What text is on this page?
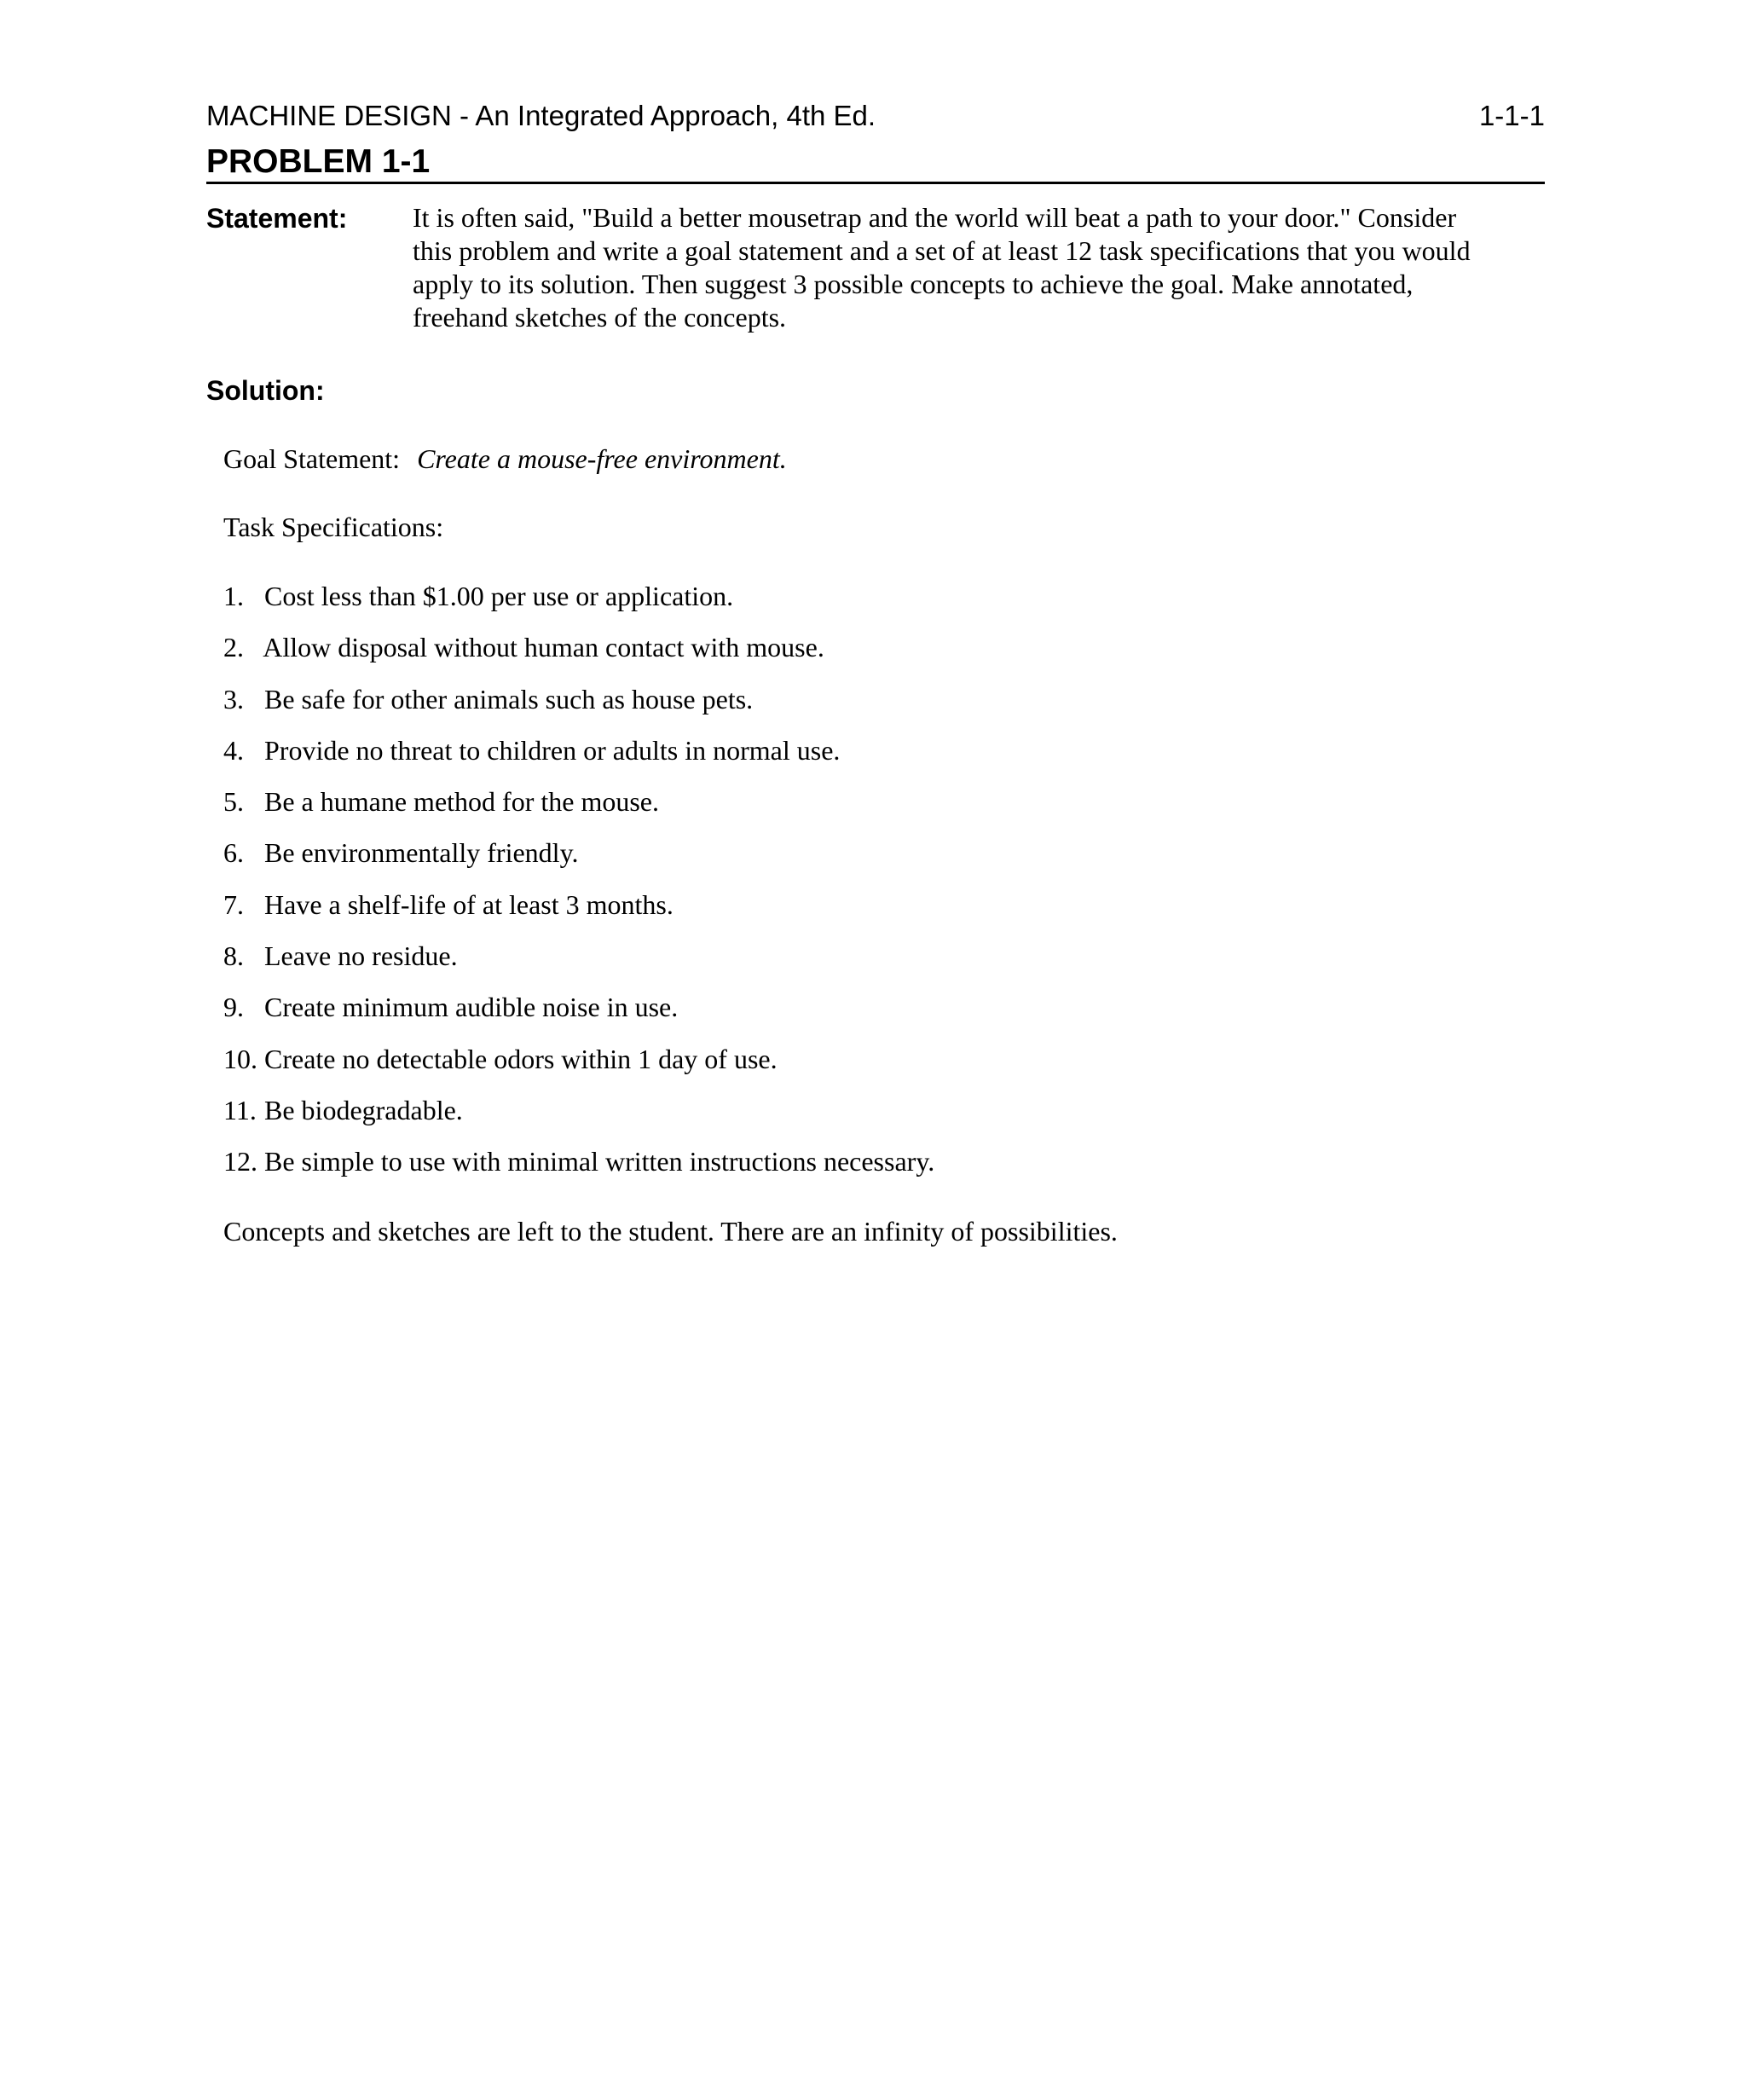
MACHINE DESIGN - An Integrated Approach, 4th Ed.	1-1-1
PROBLEM 1-1
Statement: It is often said, "Build a better mousetrap and the world will beat a path to your door." Consider
this problem and write a goal statement and a set of at least 12 task specifications that you would
apply to its solution. Then suggest 3 possible concepts to achieve the goal. Make annotated,
freehand sketches of the concepts.
Solution:
Goal Statement: Create a mouse-free environment.
Task Specifications:
1. Cost less than $1.00 per use or application.
2. Allow disposal without human contact with mouse.
3. Be safe for other animals such as house pets.
4. Provide no threat to children or adults in normal use.
5. Be a humane method for the mouse.
6. Be environmentally friendly.
7. Have a shelf-life of at least 3 months.
8. Leave no residue.
9. Create minimum audible noise in use.
10. Create no detectable odors within 1 day of use.
11. Be biodegradable.
12. Be simple to use with minimal written instructions necessary.
Concepts and sketches are left to the student. There are an infinity of possibilities.
